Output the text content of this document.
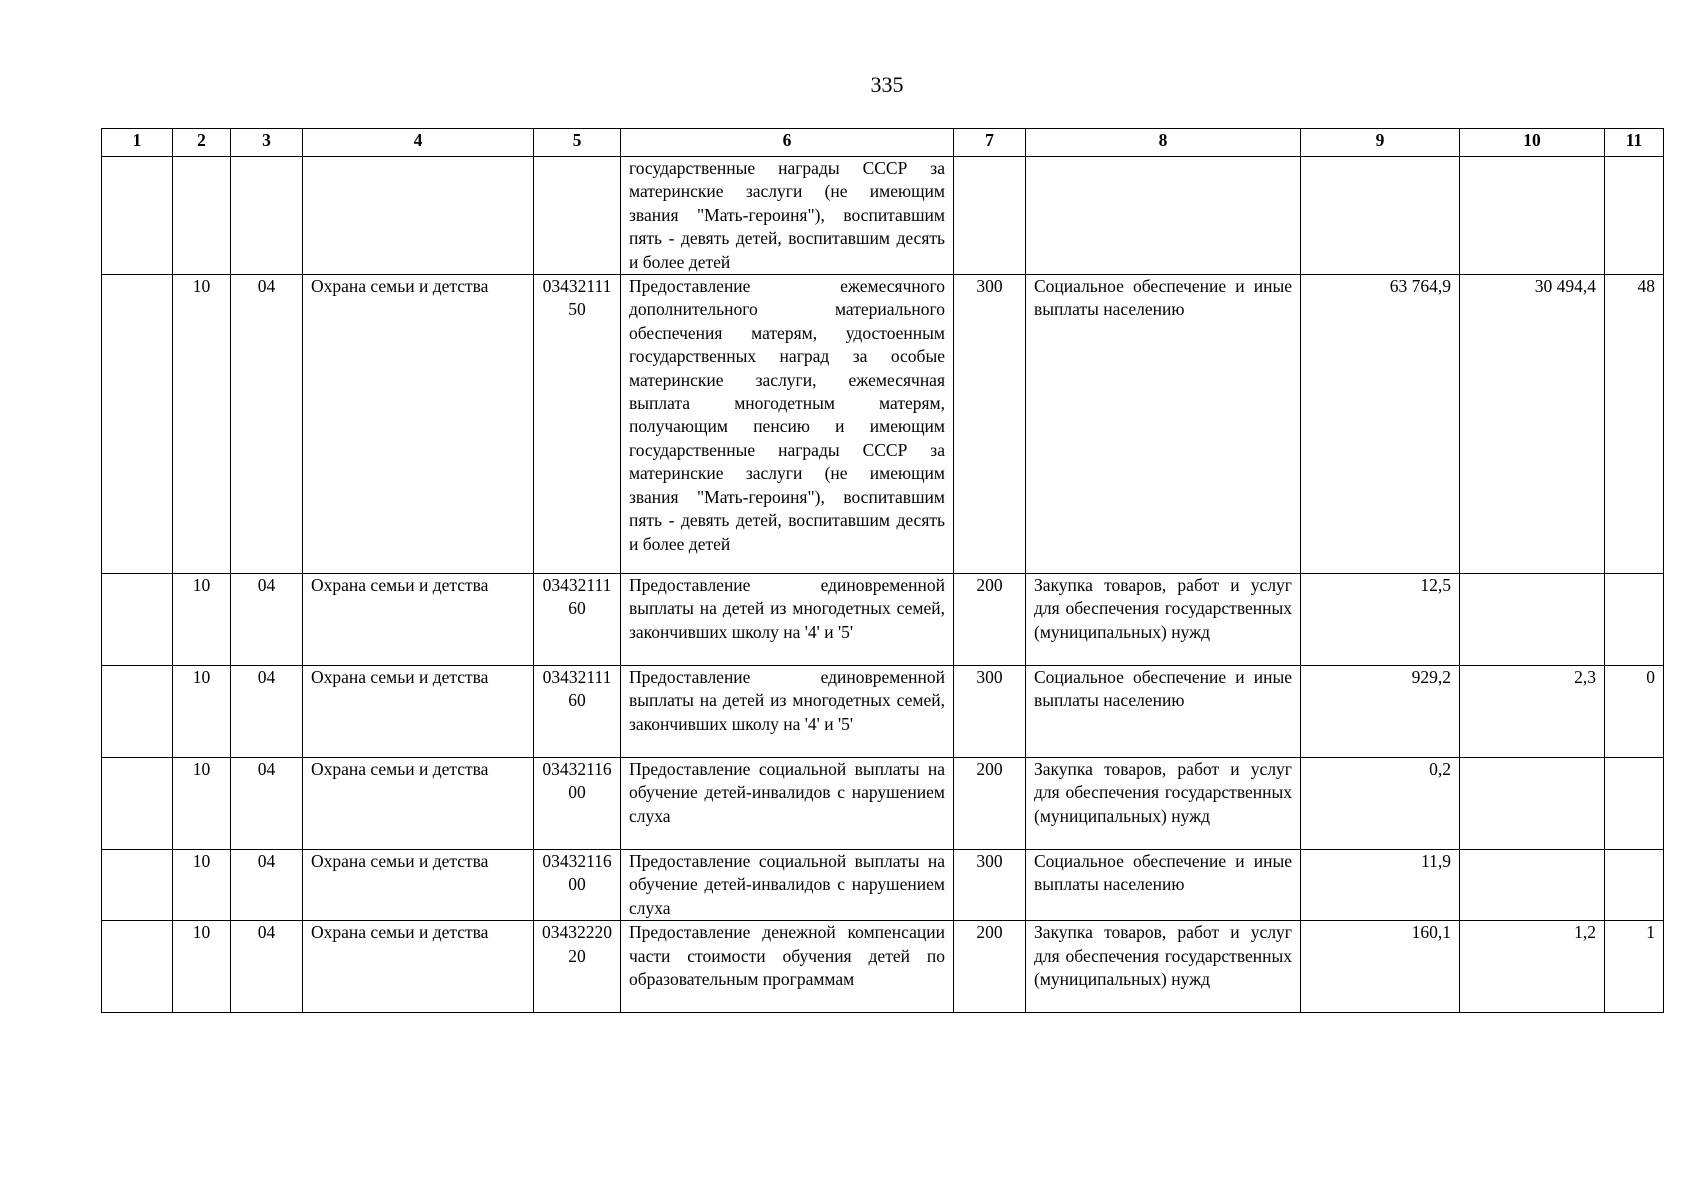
335
1	2	3	4	5	6	7	8	9	10	11
					государственные награды СССР за материнские заслуги (не имеющим звания "Мать-героиня"), воспитавшим пять - девять детей, воспитавшим десять и более детей					
	10	04	Охрана семьи и детства	0343211150	Предоставление ежемесячного дополнительного материального обеспечения матерям, удостоенным государственных наград за особые материнские заслуги, ежемесячная выплата многодетным матерям, получающим пенсию и имеющим государственные награды СССР за материнские заслуги (не имеющим звания "Мать-героиня"), воспитавшим пять - девять детей, воспитавшим десять и более детей	300	Социальное обеспечение и иные выплаты населению	63 764,9	30 494,4	48
	10	04	Охрана семьи и детства	0343211160	Предоставление единовременной выплаты на детей из многодетных семей, закончивших школу на '4' и '5'	200	Закупка товаров, работ и услуг для обеспечения государственных (муниципальных) нужд	12,5		
	10	04	Охрана семьи и детства	0343211160	Предоставление единовременной выплаты на детей из многодетных семей, закончивших школу на '4' и '5'	300	Социальное обеспечение и иные выплаты населению	929,2	2,3	0
	10	04	Охрана семьи и детства	0343211600	Предоставление социальной выплаты на обучение детей-инвалидов с нарушением слуха	200	Закупка товаров, работ и услуг для обеспечения государственных (муниципальных) нужд	0,2		
	10	04	Охрана семьи и детства	0343211600	Предоставление социальной выплаты на обучение детей-инвалидов с нарушением слуха	300	Социальное обеспечение и иные выплаты населению	11,9		
	10	04	Охрана семьи и детства	0343222020	Предоставление денежной компенсации части стоимости обучения детей по образовательным программам	200	Закупка товаров, работ и услуг для обеспечения государственных (муниципальных) нужд	160,1	1,2	1
